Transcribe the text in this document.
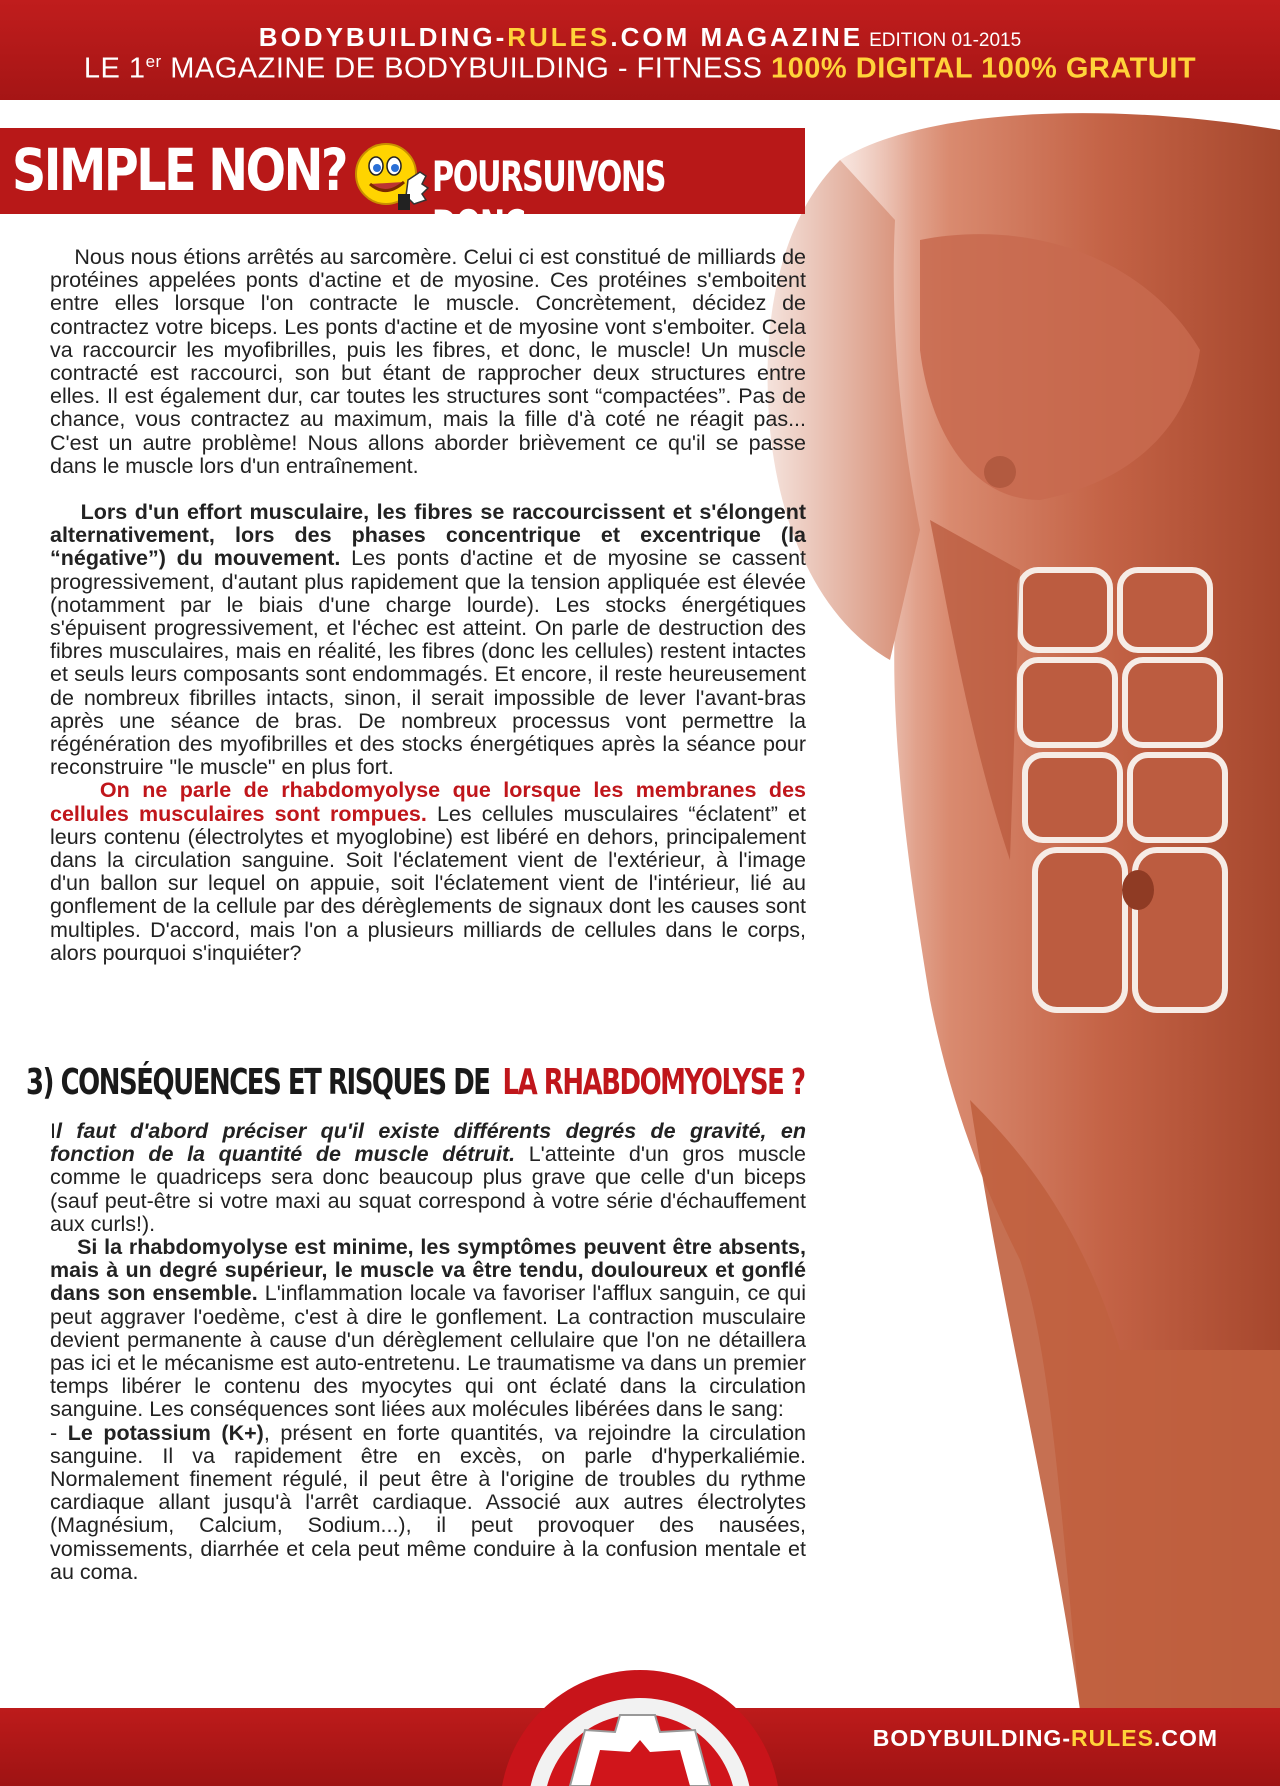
BODYBUILDING-RULES.COM MAGAZINE EDITION 01-2015
LE 1er MAGAZINE DE BODYBUILDING - FITNESS 100% DIGITAL 100% GRATUIT
SIMPLE NON? POURSUIVONS DONC:

Nous nous étions arrêtés au sarcomère. Celui ci est constitué de milliards de protéines appelées ponts d'actine et de myosine. Ces protéines s'emboitent entre elles lorsque l'on contracte le muscle. Concrètement, décidez de contractez votre biceps. Les ponts d'actine et de myosine vont s'emboiter. Cela va raccourcir les myofibrilles, puis les fibres, et donc, le muscle! Un muscle contracté est raccourci, son but étant de rapprocher deux structures entre elles. Il est également dur, car toutes les structures sont “compactées”. Pas de chance, vous contractez au maximum, mais la fille d'à coté ne réagit pas... C'est un autre problème! Nous allons aborder brièvement ce qu'il se passe dans le muscle lors d'un entraînement.

Lors d'un effort musculaire, les fibres se raccourcissent et s'élongent alternativement, lors des phases concentrique et excentrique (la “négative”) du mouvement. Les ponts d'actine et de myosine se cassent progressivement, d'autant plus rapidement que la tension appliquée est élevée (notamment par le biais d'une charge lourde). Les stocks énergétiques s'épuisent progressivement, et l'échec est atteint. On parle de destruction des fibres musculaires, mais en réalité, les fibres (donc les cellules) restent intactes et seuls leurs composants sont endommagés. Et encore, il reste heureusement de nombreux fibrilles intacts, sinon, il serait impossible de lever l'avant-bras après une séance de bras. De nombreux processus vont permettre la régénération des myofibrilles et des stocks énergétiques après la séance pour reconstruire "le muscle" en plus fort.

On ne parle de rhabdomyolyse que lorsque les membranes des cellules musculaires sont rompues. Les cellules musculaires “éclatent” et leurs contenu (électrolytes et myoglobine) est libéré en dehors, principalement dans la circulation sanguine. Soit l'éclatement vient de l'extérieur, à l'image d'un ballon sur lequel on appuie, soit l'éclatement vient de l'intérieur, lié au gonflement de la cellule par des dérèglements de signaux dont les causes sont multiples. D'accord, mais l'on a plusieurs milliards de cellules dans le corps, alors pourquoi s'inquiéter?

3) CONSÉQUENCES ET RISQUES DE LA RHABDOMYOLYSE ?

Il faut d'abord préciser qu'il existe différents degrés de gravité, en fonction de la quantité de muscle détruit. L'atteinte d'un gros muscle comme le quadriceps sera donc beaucoup plus grave que celle d'un biceps (sauf peut-être si votre maxi au squat correspond à votre série d'échauffement aux curls!).

Si la rhabdomyolyse est minime, les symptômes peuvent être absents, mais à un degré supérieur, le muscle va être tendu, douloureux et gonflé dans son ensemble. L'inflammation locale va favoriser l'afflux sanguin, ce qui peut aggraver l'oedème, c'est à dire le gonflement. La contraction musculaire devient permanente à cause d'un dérèglement cellulaire que l'on ne détaillera pas ici et le mécanisme est auto-entretenu. Le traumatisme va dans un premier temps libérer le contenu des myocytes qui ont éclaté dans la circulation sanguine. Les conséquences sont liées aux molécules libérées dans le sang:

- Le potassium (K+), présent en forte quantités, va rejoindre la circulation sanguine. Il va rapidement être en excès, on parle d'hyperkaliémie. Normalement finement régulé, il peut être à l'origine de troubles du rythme cardiaque allant jusqu'à l'arrêt cardiaque. Associé aux autres électrolytes (Magnésium, Calcium, Sodium...), il peut provoquer des nausées, vomissements, diarrhée et cela peut même conduire à la confusion mentale et au coma.

BODYBUILDING-RULES.COM
